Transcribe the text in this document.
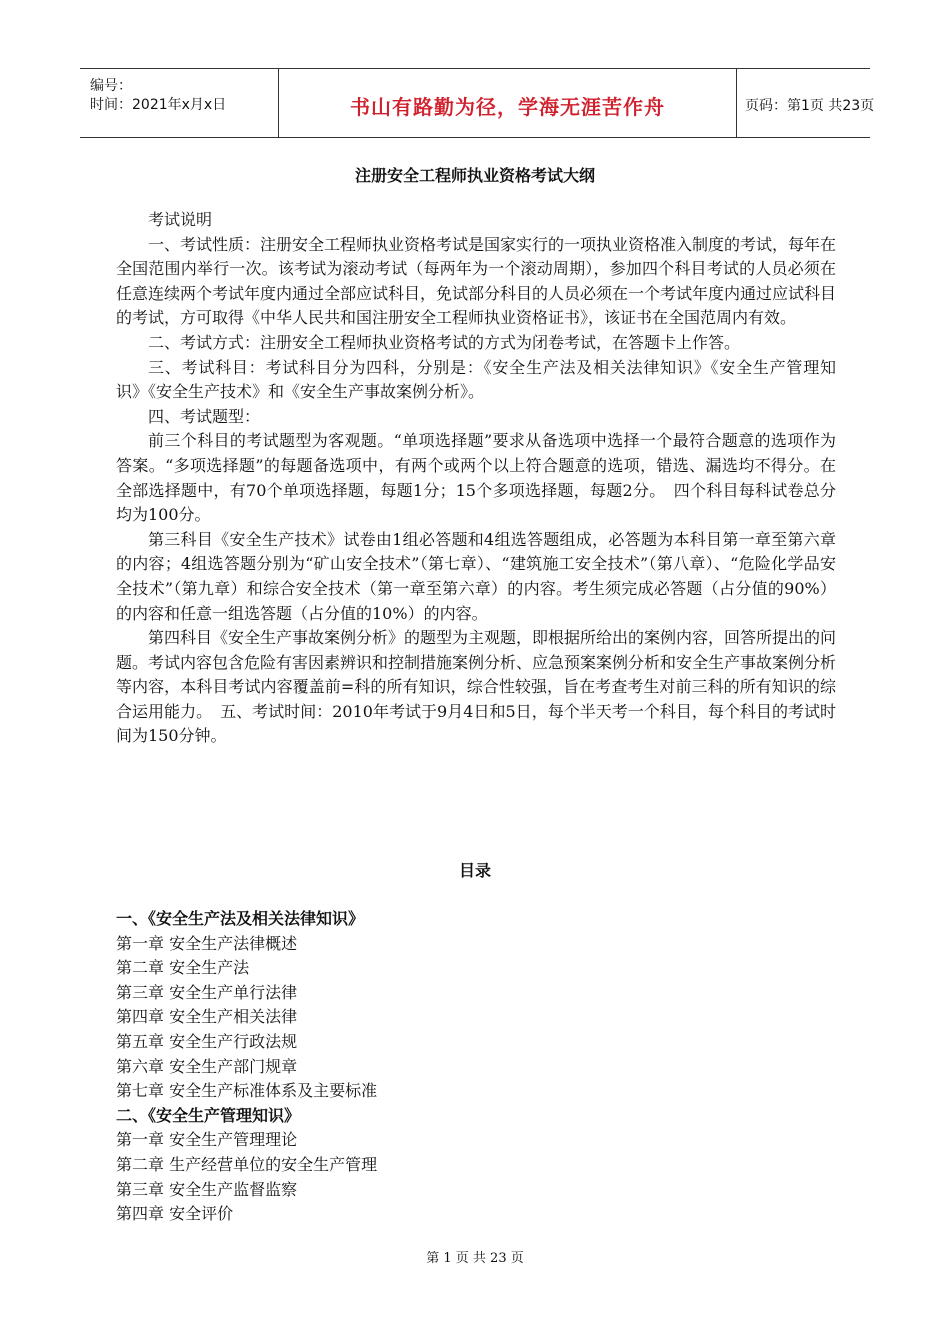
编号：
时间：2021年x月x日	书山有路勤为径，学海无涯苦作舟	页码：第1页 共23页
注册安全工程师执业资格考试大纲

考试说明

一、考试性质：注册安全工程师执业资格考试是国家实行的一项执业资格准入制度的考试，每年在全国范围内举行一次。该考试为滚动考试（每两年为一个滚动周期），参加四个科目考试的人员必须在任意连续两个考试年度内通过全部应试科目，免试部分科目的人员必须在一个考试年度内通过应试科目的考试，方可取得《中华人民共和国注册安全工程师执业资格证书》，该证书在全国范周内有效。

二、考试方式：注册安全工程师执业资格考试的方式为闭卷考试，在答题卡上作答。

三、考试科目：考试科目分为四科，分别是：《安全生产法及相关法律知识》《安全生产管理知识》《安全生产技术》和《安全生产事故案例分析》。

四、考试题型：

前三个科目的考试题型为客观题。“单项选择题”要求从备选项中选择一个最符合题意的选项作为答案。“多项选择题”的每题备选项中，有两个或两个以上符合题意的选项，错选、漏选均不得分。在全部选择题中，有70个单项选择题，每题1分；15个多项选择题，每题2分。　四个科目每科试卷总分均为100分。

第三科目《安全生产技术》试卷由1组必答题和4组选答题组成，必答题为本科目第一章至第六章的内容；4组选答题分别为“矿山安全技术”（第七章）、“建筑施工安全技术”（第八章）、“危险化学品安全技术”（第九章）和综合安全技术（第一章至第六章）的内容。考生须完成必答题（占分值的90%）的内容和任意一组选答题（占分值的10%）的内容。

第四科目《安全生产事故案例分析》的题型为主观题，即根据所给出的案例内容，回答所提出的问题。考试内容包含危险有害因素辨识和控制措施案例分析、应急预案案例分析和安全生产事故案例分析等内容，本科目考试内容覆盖前=科的所有知识，综合性较强，旨在考查考生对前三科的所有知识的综合运用能力。　五、考试时间：2010年考试于9月4日和5日，每个半天考一个科目，每个科目的考试时间为150分钟。

目录
一、《安全生产法及相关法律知识》
第一章 安全生产法律概述
第二章 安全生产法
第三章 安全生产单行法律
第四章 安全生产相关法律
第五章 安全生产行政法规
第六章 安全生产部门规章
第七章 安全生产标准体系及主要标准
二、《安全生产管理知识》
第一章 安全生产管理理论
第二章 生产经营单位的安全生产管理
第三章 安全生产监督监察
第四章 安全评价
第 1 页 共 23 页
